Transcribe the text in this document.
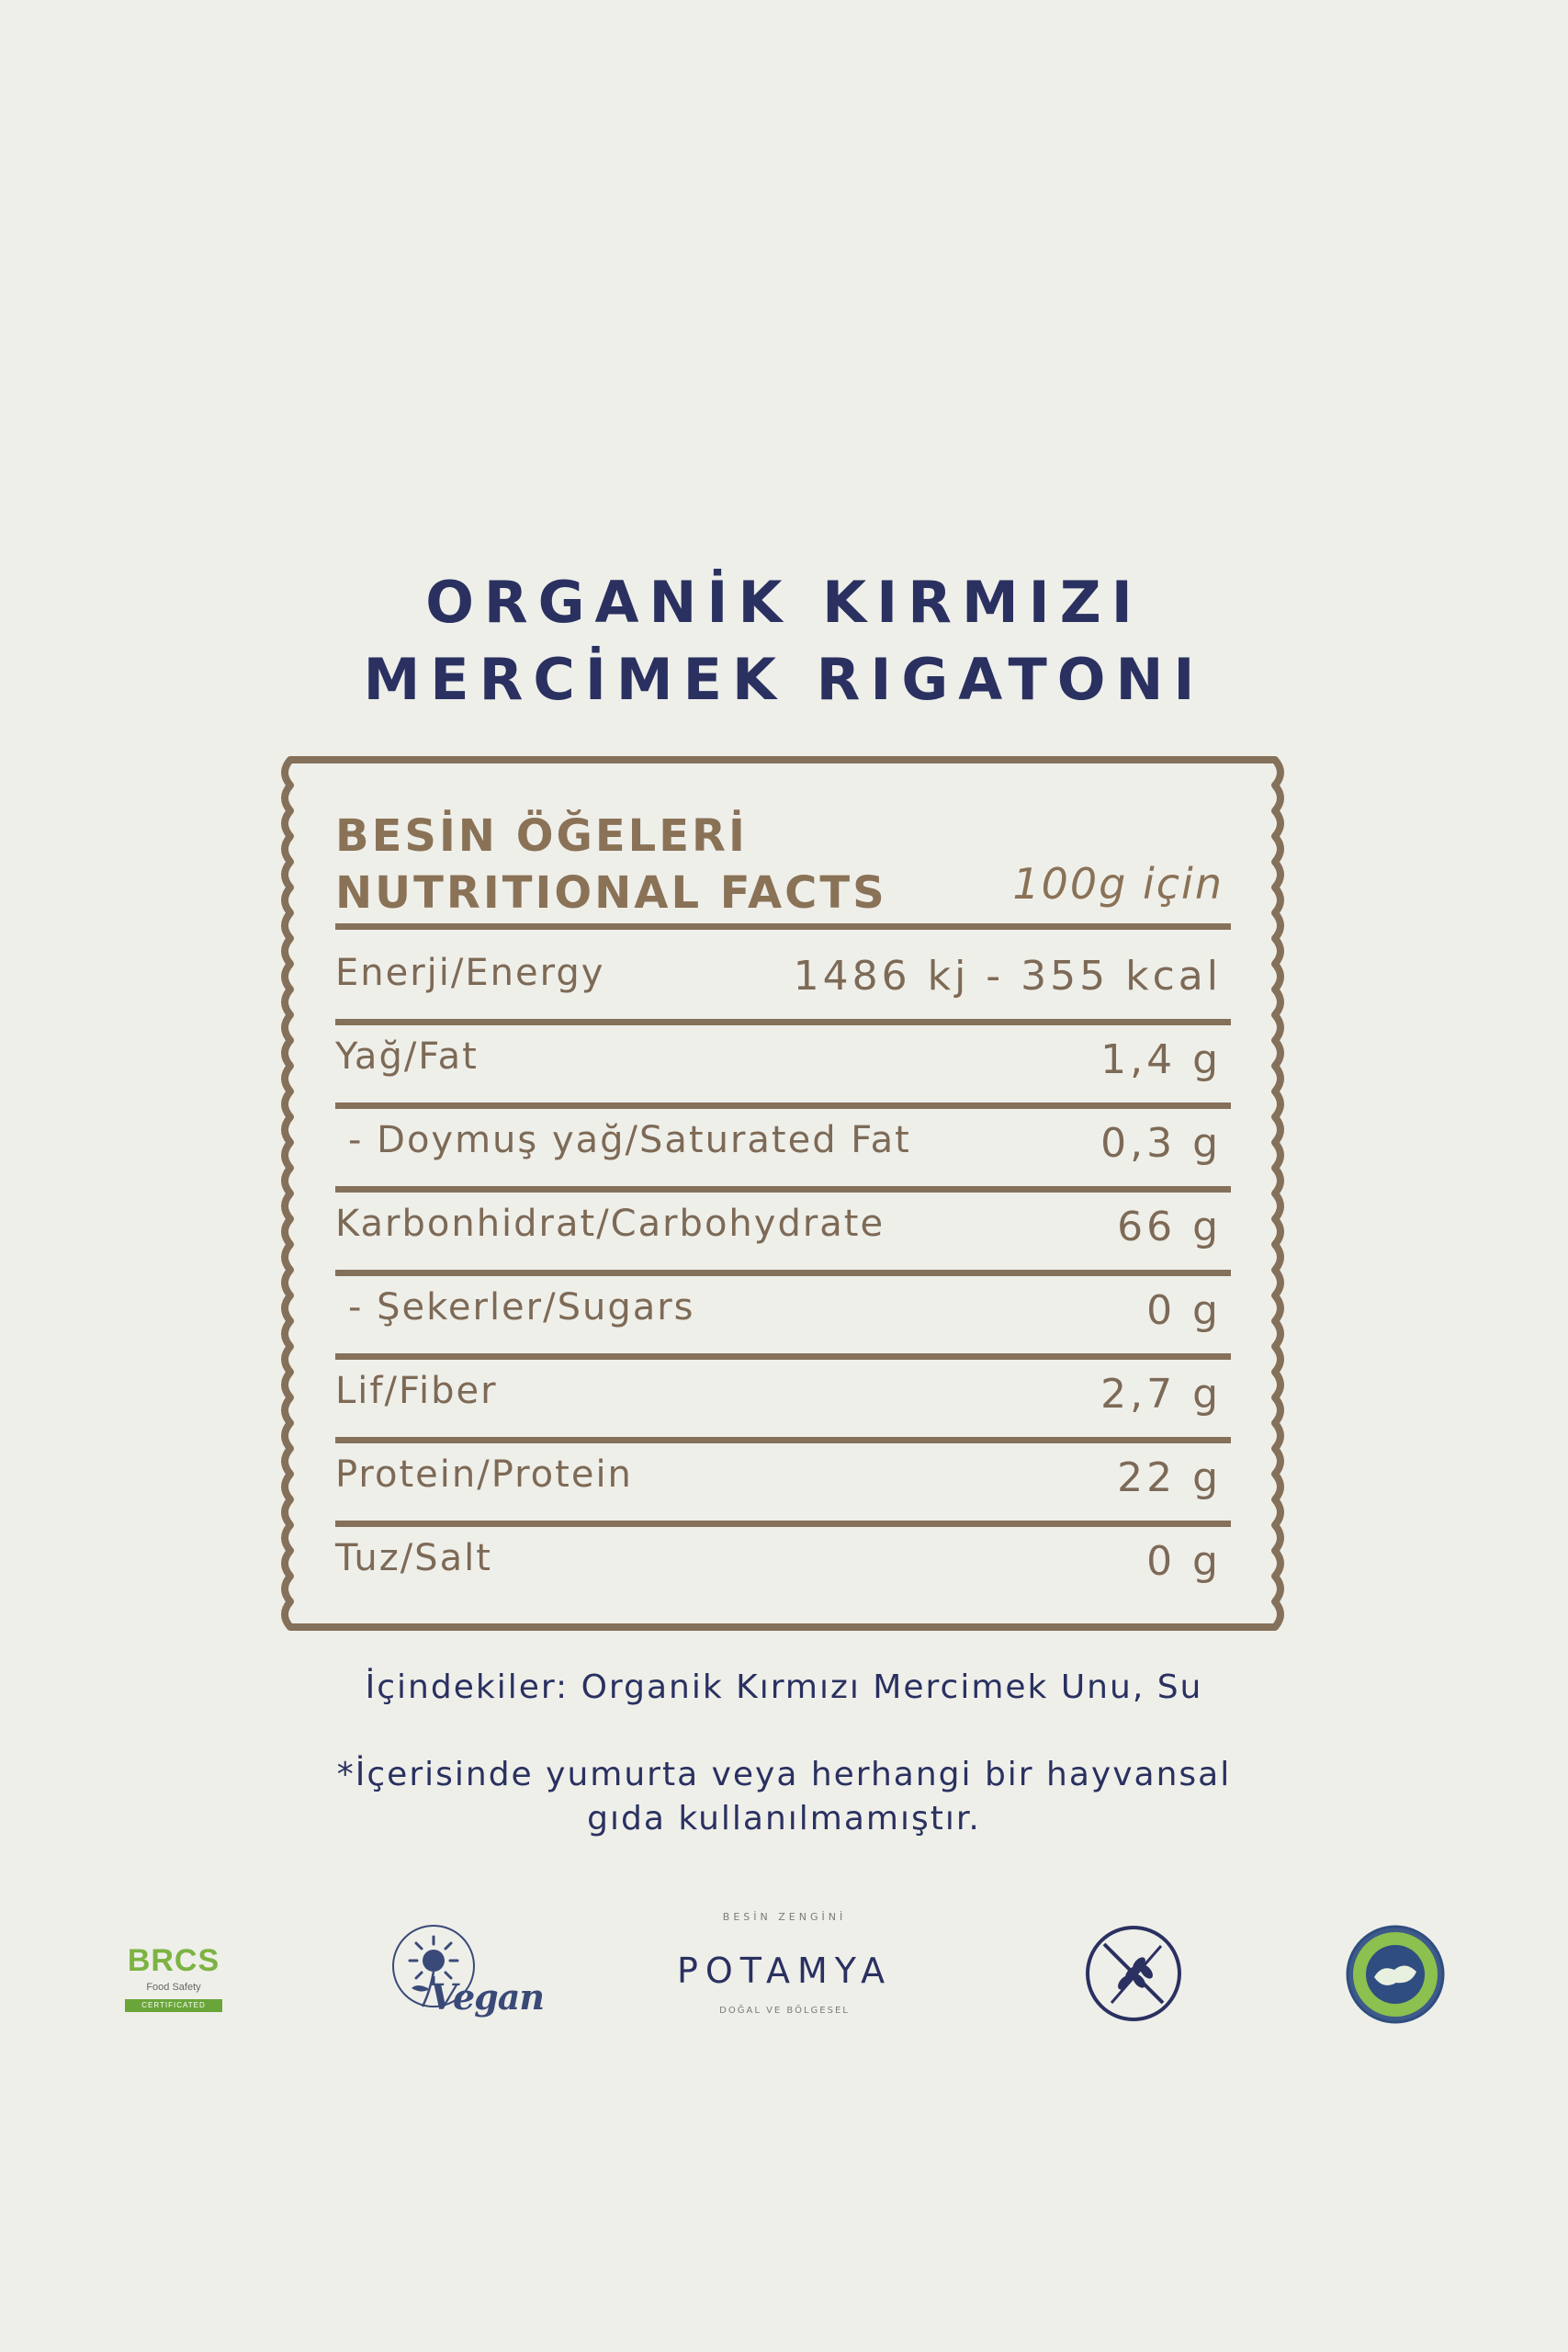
ORGANİK KIRMIZI
MERCİMEK RIGATONI
BESİN ÖĞELERİ
NUTRITIONAL FACTS	100g için
Enerji/Energy	1486 kj - 355 kcal
Yağ/Fat	1,4 g
- Doymuş yağ/Saturated Fat	0,3 g
Karbonhidrat/Carbohydrate	66 g
- Şekerler/Sugars	0 g
Lif/Fiber	2,7 g
Protein/Protein	22 g
Tuz/Salt	0 g
İçindekiler: Organik Kırmızı Mercimek Unu, Su
*İçerisinde yumurta veya herhangi bir hayvansal
gıda kullanılmamıştır.
BRCS
Food Safety
CERTIFICATED	Vegan
BESİN ZENGİNİ
POTAMYA
DOĞAL VE BÖLGESEL
